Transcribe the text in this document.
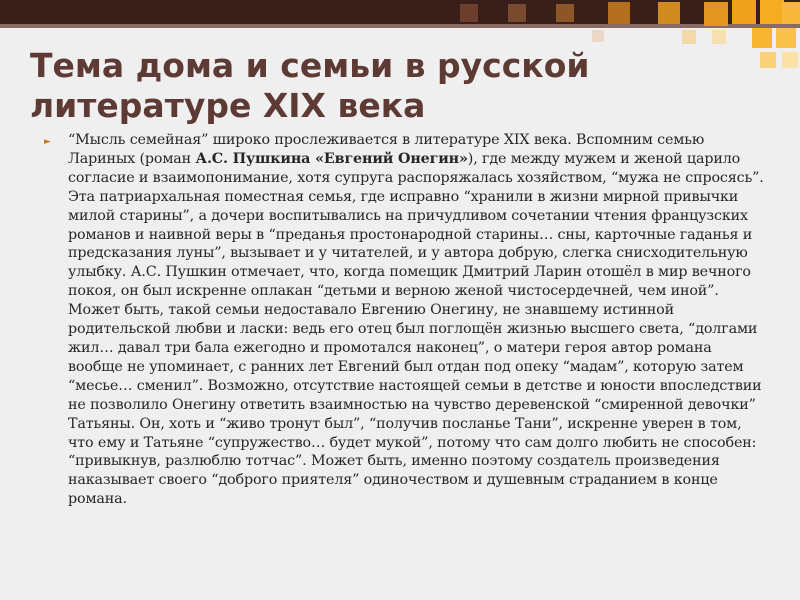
Тема дома и семьи в русской литературе XIX века
► “Мысль семейная” широко прослеживается в литературе XIX века. Вспомним семью Лариных (роман А.С. Пушкина «Евгений Онегин»), где между мужем и женой царило согласие и взаимопонимание, хотя супруга распоряжалась хозяйством, “мужа не спросясь”. Эта патриархальная поместная семья, где исправно “хранили в жизни мирной привычки милой старины”, а дочери воспитывались на причудливом сочетании чтения французских романов и наивной веры в “преданья простонародной старины… сны, карточные гаданья и предсказания луны”, вызывает и у читателей, и у автора добрую, слегка снисходительную улыбку. А.С. Пушкин отмечает, что, когда помещик Дмитрий Ларин отошёл в мир вечного покоя, он был искренне оплакан “детьми и верною женой чистосердечней, чем иной”. Может быть, такой семьи недоставало Евгению Онегину, не знавшему истинной родительской любви и ласки: ведь его отец был поглощён жизнью высшего света, “долгами жил… давал три бала ежегодно и промотался наконец”, о матери героя автор романа вообще не упоминает, с ранних лет Евгений был отдан под опеку “мадам”, которую затем “месье… сменил”. Возможно, отсутствие настоящей семьи в детстве и юности впоследствии не позволило Онегину ответить взаимностью на чувство деревенской “смиренной девочки” Татьяны. Он, хоть и “живо тронут был”, “получив посланье Тани”, искренне уверен в том, что ему и Татьяне “супружество… будет мукой”, потому что сам долго любить не способен: “привыкнув, разлюблю тотчас”. Может быть, именно поэтому создатель произведения наказывает своего “доброго приятеля” одиночеством и душевным страданием в конце романа.
